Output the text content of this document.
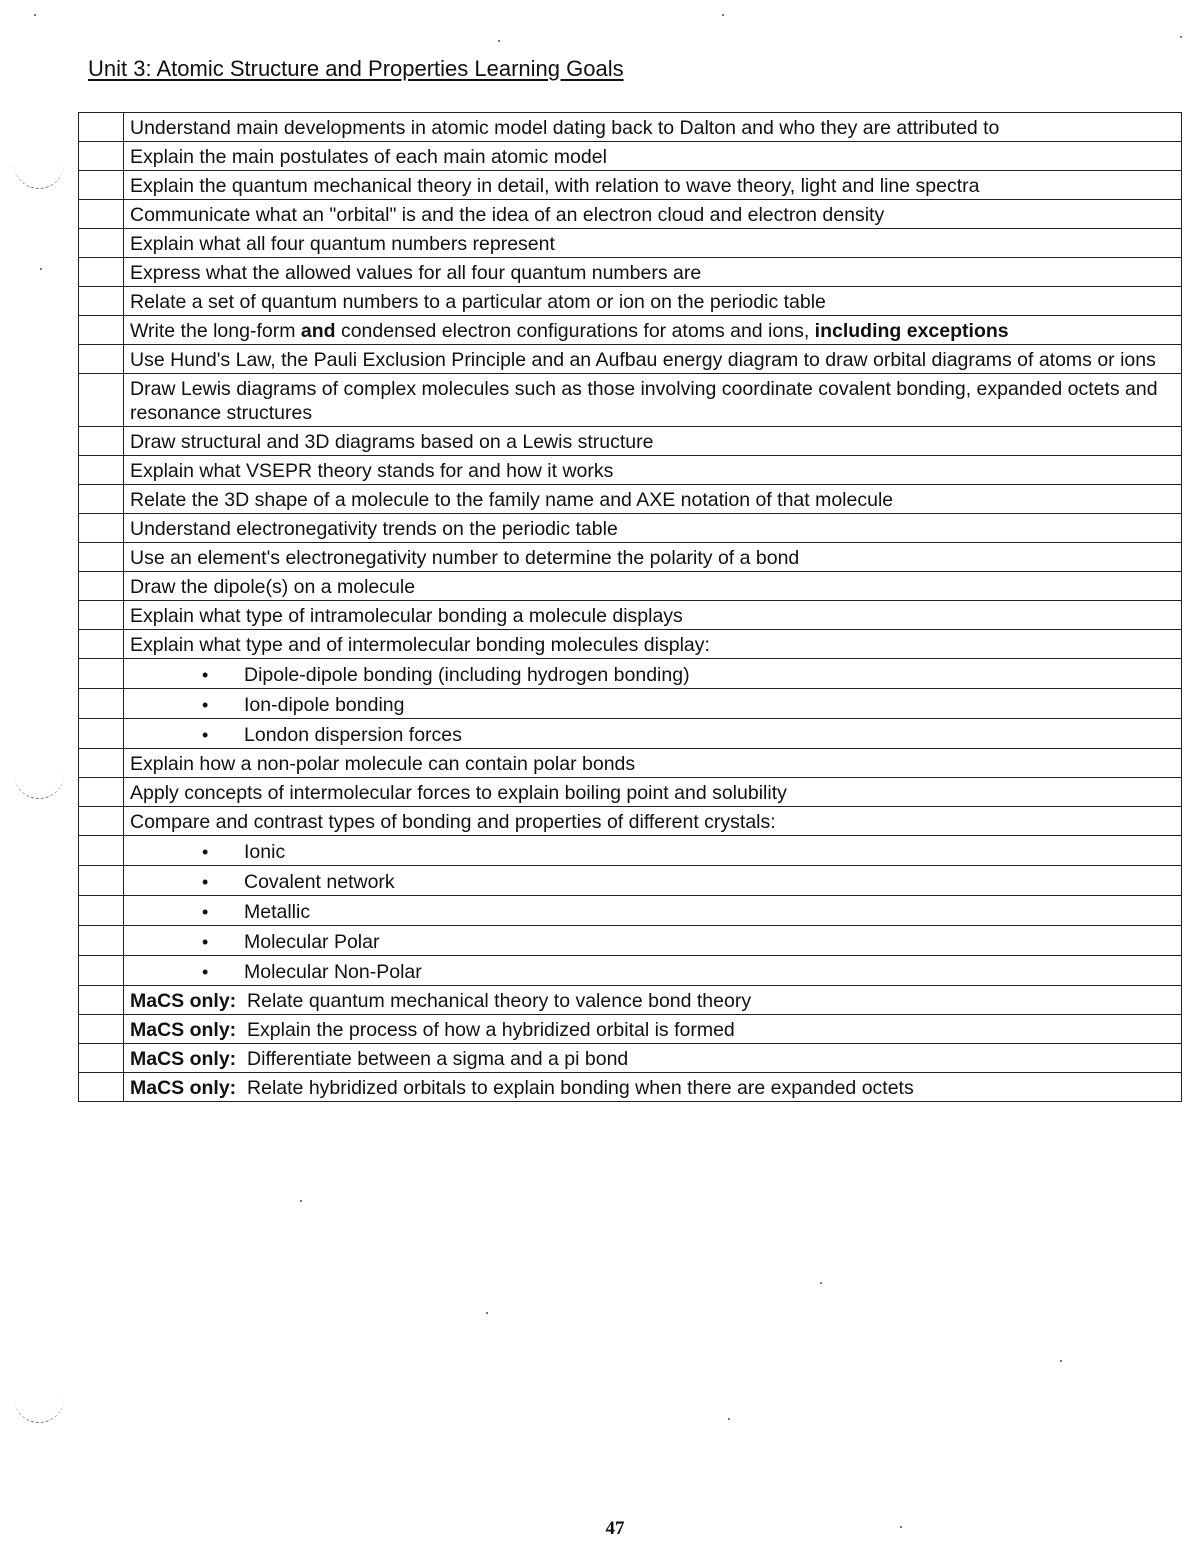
Unit 3: Atomic Structure and Properties Learning Goals
	Understand main developments in atomic model dating back to Dalton and who they are attributed to
	Explain the main postulates of each main atomic model
	Explain the quantum mechanical theory in detail, with relation to wave theory, light and line spectra
	Communicate what an "orbital" is and the idea of an electron cloud and electron density
	Explain what all four quantum numbers represent
	Express what the allowed values for all four quantum numbers are
	Relate a set of quantum numbers to a particular atom or ion on the periodic table
	Write the long-form and condensed electron configurations for atoms and ions, including exceptions
	Use Hund's Law, the Pauli Exclusion Principle and an Aufbau energy diagram to draw orbital diagrams of atoms or ions
	Draw Lewis diagrams of complex molecules such as those involving coordinate covalent bonding, expanded octets and resonance structures
	Draw structural and 3D diagrams based on a Lewis structure
	Explain what VSEPR theory stands for and how it works
	Relate the 3D shape of a molecule to the family name and AXE notation of that molecule
	Understand electronegativity trends on the periodic table
	Use an element's electronegativity number to determine the polarity of a bond
	Draw the dipole(s) on a molecule
	Explain what type of intramolecular bonding a molecule displays
	Explain what type and of intermolecular bonding molecules display:

	• Dipole-dipole bonding (including hydrogen bonding)

	• Ion-dipole bonding

	• London dispersion forces

	Explain how a non-polar molecule can contain polar bonds
	Apply concepts of intermolecular forces to explain boiling point and solubility
	Compare and contrast types of bonding and properties of different crystals:

	• Ionic

	• Covalent network

	• Metallic

	• Molecular Polar

	• Molecular Non-Polar

	MaCS only: Relate quantum mechanical theory to valence bond theory
	MaCS only: Explain the process of how a hybridized orbital is formed
	MaCS only: Differentiate between a sigma and a pi bond
	MaCS only: Relate hybridized orbitals to explain bonding when there are expanded octets
47
